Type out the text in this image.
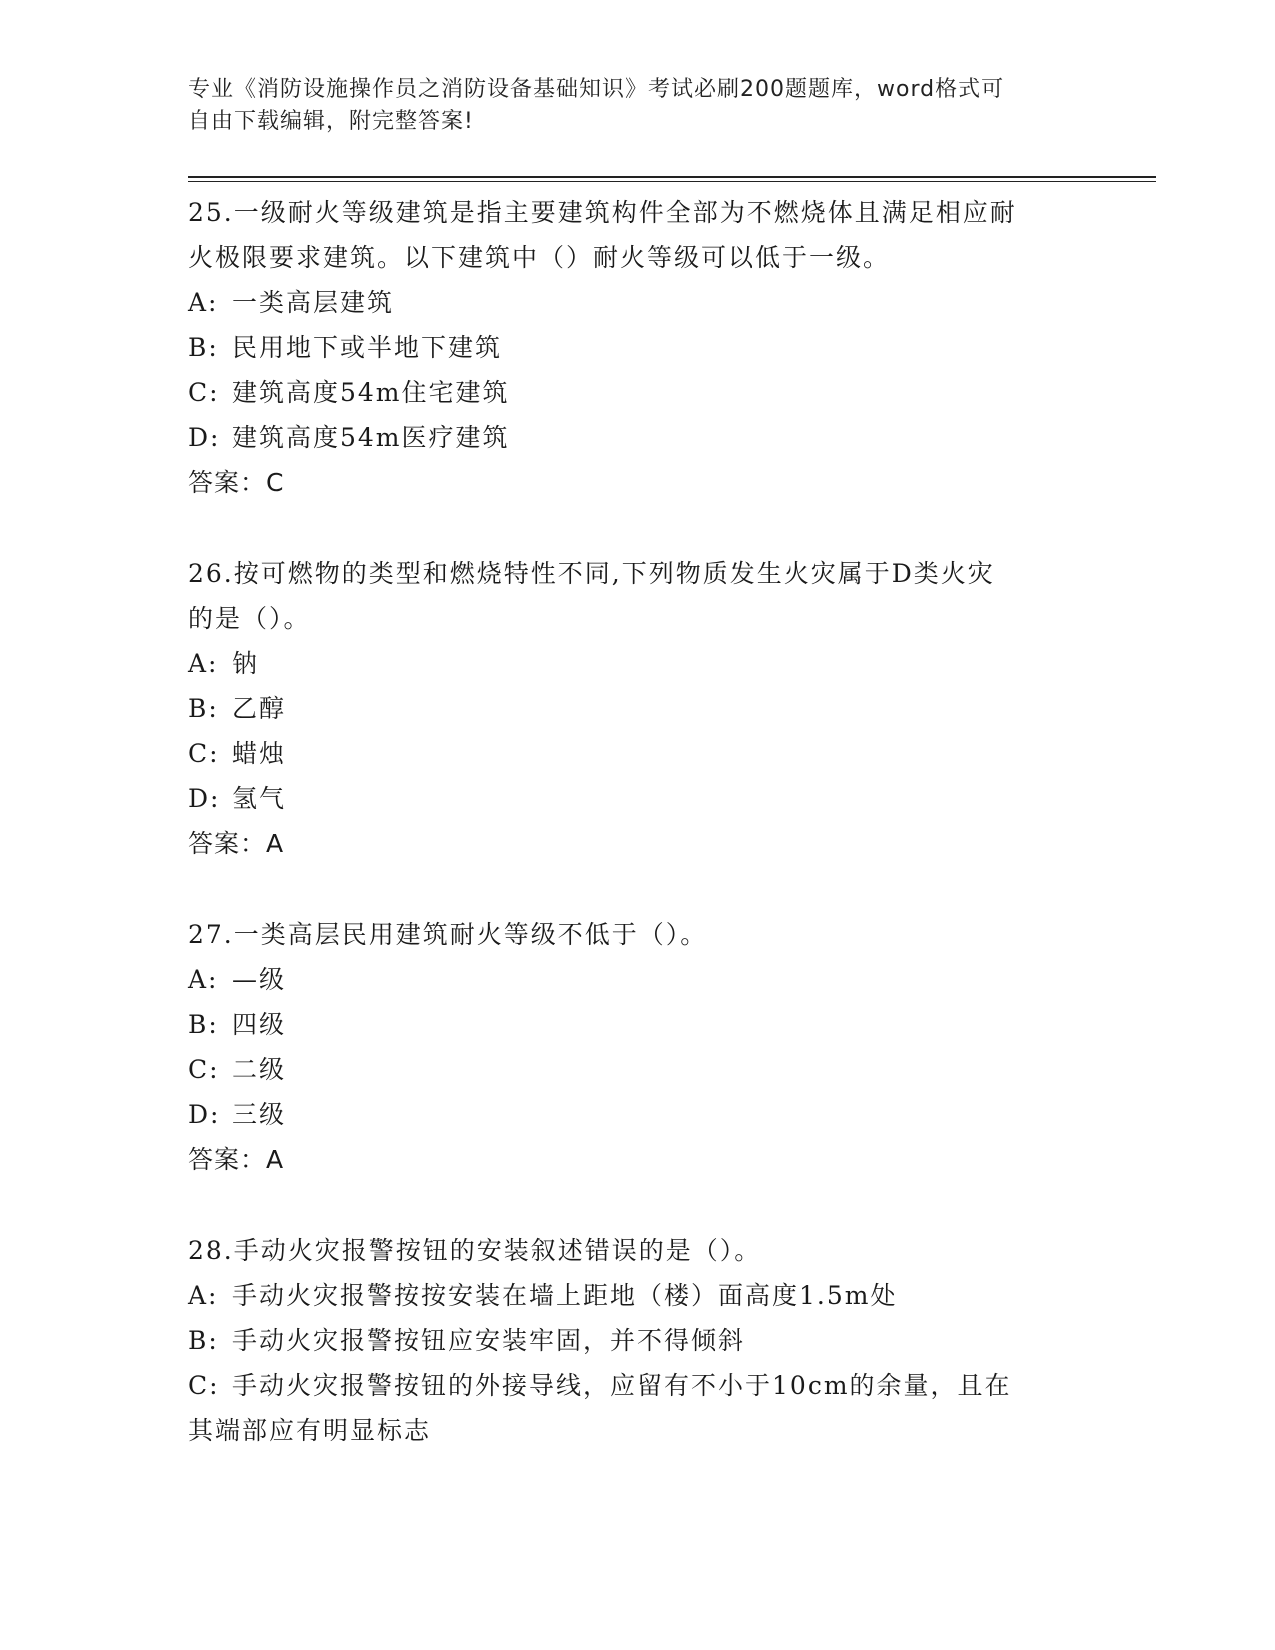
专业《消防设施操作员之消防设备基础知识》考试必刷200题题库，word格式可
自由下载编辑，附完整答案!
25.一级耐火等级建筑是指主要建筑构件全部为不燃烧体且满足相应耐
火极限要求建筑。以下建筑中（）耐火等级可以低于一级。
A: 一类高层建筑
B: 民用地下或半地下建筑
C: 建筑高度54m住宅建筑
D: 建筑高度54m医疗建筑
答案：C
26.按可燃物的类型和燃烧特性不同,下列物质发生火灾属于D类火灾
的是（）。
A: 钠
B: 乙醇
C: 蜡烛
D: 氢气
答案：A
27.一类高层民用建筑耐火等级不低于（）。
A: —级
B: 四级
C: 二级
D: 三级
答案：A
28.手动火灾报警按钮的安装叙述错误的是（）。
A: 手动火灾报警按按安装在墙上距地（楼）面高度1.5m处
B: 手动火灾报警按钮应安装牢固，并不得倾斜
C: 手动火灾报警按钮的外接导线，应留有不小于10cm的余量，且在
其端部应有明显标志
